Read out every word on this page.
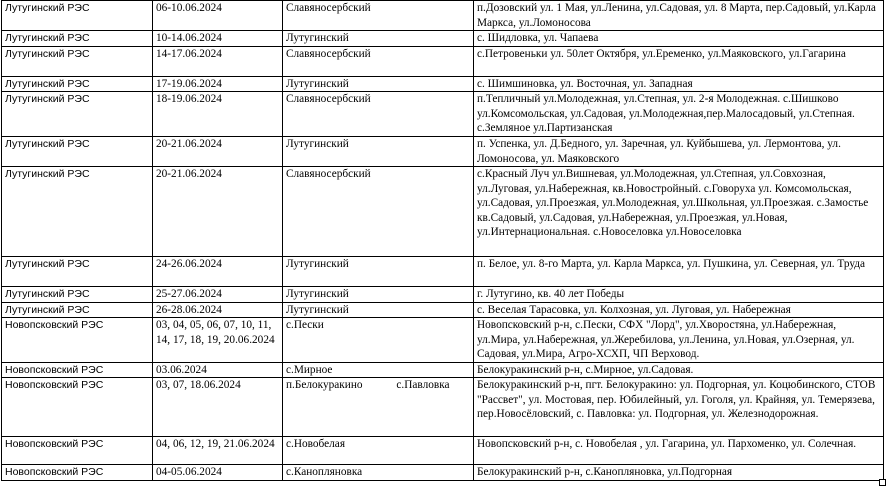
Лутугинский РЭС	06-10.06.2024	Славяносербский	п.Дозовский ул. 1 Мая, ул.Ленина, ул.Садовая, ул. 8 Марта, пер.Садовый, ул.Карла Маркса, ул.Ломоносова
Лутугинский РЭС	10-14.06.2024	Лутугинский	с. Шидловка, ул. Чапаева
Лутугинский РЭС	14-17.06.2024	Славяносербский	с.Петровеньки ул. 50лет Октября, ул.Еременко, ул.Маяковского, ул.Гагарина
Лутугинский РЭС	17-19.06.2024	Лутугинский	с. Шимшиновка, ул. Восточная, ул. Западная
Лутугинский РЭС	18-19.06.2024	Славяносербский	п.Тепличный ул.Молодежная, ул.Степная, ул. 2-я Молодежная. с.Шишково ул.Комсомольская, ул.Садовая, ул.Молодежная,пер.Малосадовый, ул.Степная. с.Земляное ул.Партизанская
Лутугинский РЭС	20-21.06.2024	Лутугинский	п. Успенка, ул. Д.Бедного, ул. Заречная, ул. Куйбышева, ул. Лермонтова, ул. Ломоносова, ул. Маяковского
Лутугинский РЭС	20-21.06.2024	Славяносербский	с.Красный Луч ул.Вишневая, ул.Молодежная, ул.Степная, ул.Совхозная, ул.Луговая, ул.Набережная, кв.Новостройный. с.Говоруха ул. Комсомольская, ул.Садовая, ул.Проезжая, ул.Молодежная, ул.Школьная, ул.Проезжая. с.Замостье кв.Садовый, ул.Садовая, ул.Набережная, ул.Проезжая, ул.Новая, ул.Интернациональная. с.Новоселовка ул.Новоселовка
Лутугинский РЭС	24-26.06.2024	Лутугинский	п. Белое, ул. 8-го Марта, ул. Карла Маркса, ул. Пушкина, ул. Северная, ул. Труда
Лутугинский РЭС	25-27.06.2024	Лутугинский	г. Лутугино, кв. 40 лет Победы
Лутугинский РЭС	26-28.06.2024	Лутугинский	с. Веселая Тарасовка, ул. Колхозная, ул. Луговая, ул. Набережная
Новопсковский РЭС	03, 04, 05, 06, 07, 10, 11, 14, 17, 18, 19, 20.06.2024	с.Пески	Новопсковский р-н, с.Пески, СФХ "Лорд", ул.Хворостяна, ул.Набережная, ул.Мира, ул.Набережная, ул.Жеребилова, ул.Ленина, ул.Новая, ул.Озерная, ул. Садовая, ул.Мира, Агро-ХСХП, ЧП Верховод.
Новопсковский РЭС	03.06.2024	с.Мирное	Белокуракинский р-н, с.Мирное, ул.Садовая.
Новопсковский РЭС	03, 07, 18.06.2024	п.Белокуракино            с.Павловка	Белокуракинский р-н, пгт. Белокуракино: ул. Подгорная, ул. Коцюбинского, СТОВ "Рассвет", ул. Мостовая, пер. Юбилейный, ул. Гоголя, ул. Крайняя, ул. Темерязева, пер.Новосёловский, с. Павловка: ул. Подгорная, ул. Железнодорожная.
Новопсковский РЭС	04, 06, 12, 19, 21.06.2024	с.Новобелая	Новопсковский р-н, с. Новобелая , ул. Гагарина, ул. Пархоменко, ул. Солечная.
Новопсковский РЭС	04-05.06.2024	с.Канопляновка	Белокуракинский р-н, с.Канопляновка, ул.Подгорная
